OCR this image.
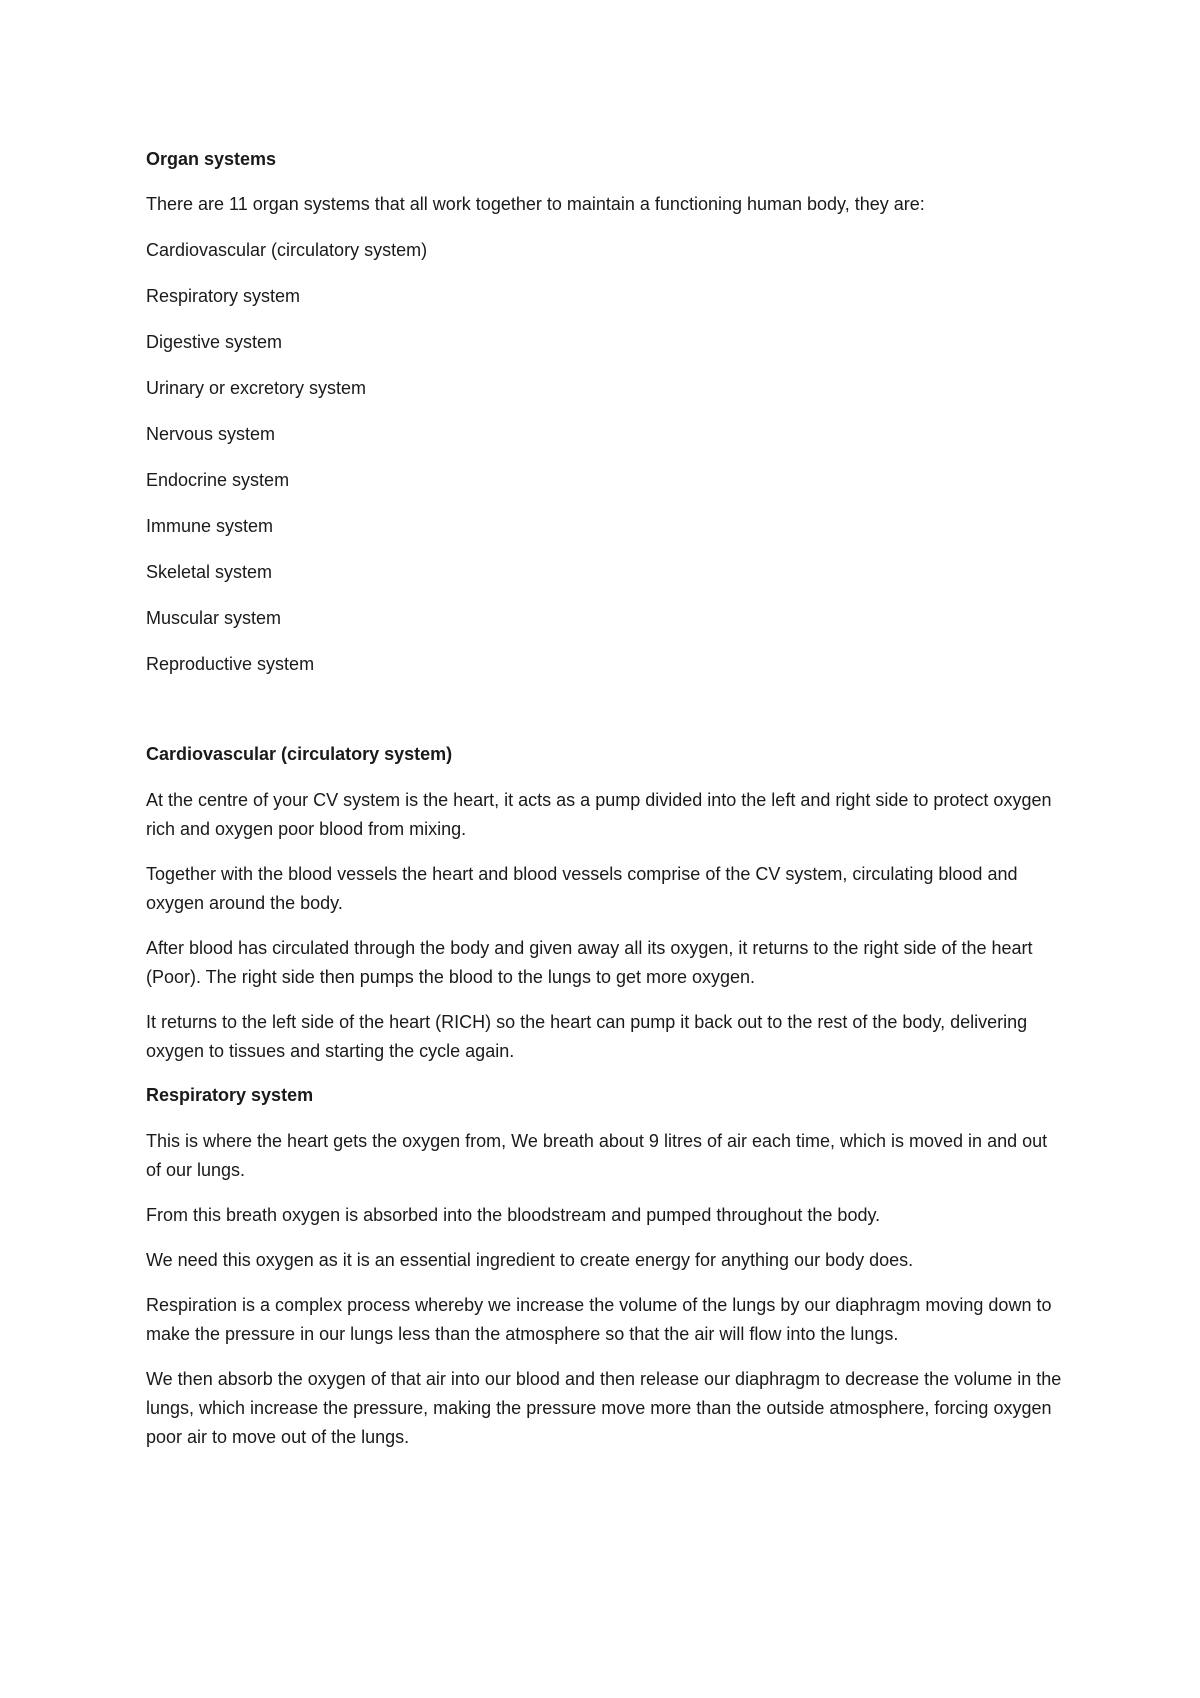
Organ systems
There are 11 organ systems that all work together to maintain a functioning human body, they are:
Cardiovascular (circulatory system)
Respiratory system
Digestive system
Urinary or excretory system
Nervous system
Endocrine system
Immune system
Skeletal system
Muscular system
Reproductive system
Cardiovascular (circulatory system)

At the centre of your CV system is the heart, it acts as a pump divided into the left and right side to protect oxygen rich and oxygen poor blood from mixing.

Together with the blood vessels the heart and blood vessels comprise of the CV system, circulating blood and oxygen around the body.

After blood has circulated through the body and given away all its oxygen, it returns to the right side of the heart (Poor). The right side then pumps the blood to the lungs to get more oxygen.

It returns to the left side of the heart (RICH) so the heart can pump it back out to the rest of the body, delivering oxygen to tissues and starting the cycle again.

Respiratory system

This is where the heart gets the oxygen from, We breath about 9 litres of air each time, which is moved in and out of our lungs.

From this breath oxygen is absorbed into the bloodstream and pumped throughout the body.

We need this oxygen as it is an essential ingredient to create energy for anything our body does.

Respiration is a complex process whereby we increase the volume of the lungs by our diaphragm moving down to make the pressure in our lungs less than the atmosphere so that the air will flow into the lungs.

We then absorb the oxygen of that air into our blood and then release our diaphragm to decrease the volume in the lungs, which increase the pressure, making the pressure move more than the outside atmosphere, forcing oxygen poor air to move out of the lungs.
